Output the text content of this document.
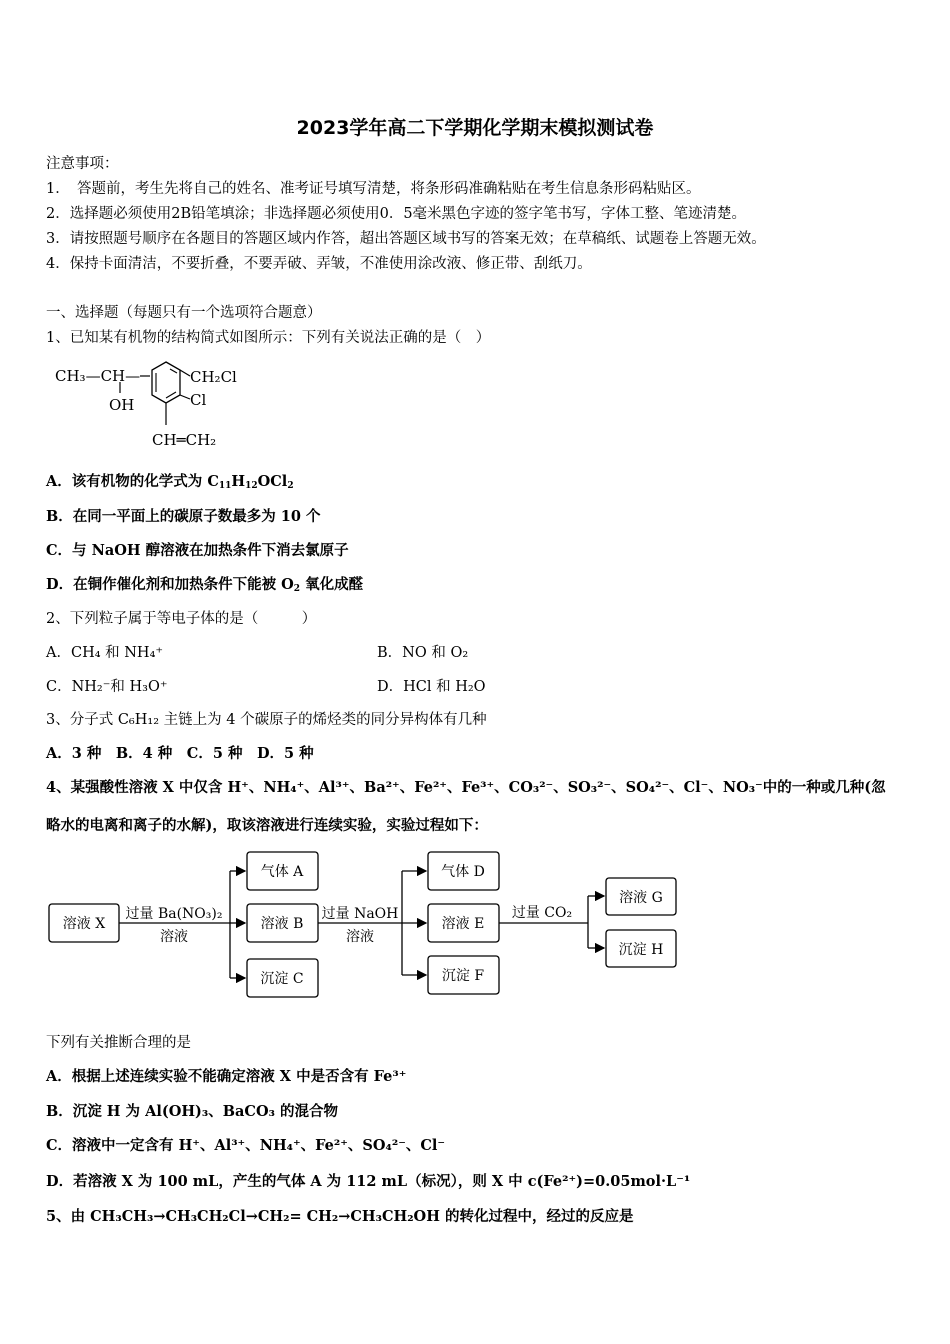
2023学年高二下学期化学期末模拟测试卷
注意事项：
1．　答题前，考生先将自己的姓名、准考证号填写清楚，将条形码准确粘贴在考生信息条形码粘贴区。
2．选择题必须使用2B铅笔填涂；非选择题必须使用0．5毫米黑色字迹的签字笔书写，字体工整、笔迹清楚。
3．请按照题号顺序在各题目的答题区域内作答，超出答题区域书写的答案无效；在草稿纸、试题卷上答题无效。
4．保持卡面清洁，不要折叠，不要弄破、弄皱，不准使用涂改液、修正带、刮纸刀。
一、选择题（每题只有一个选项符合题意）
1、已知某有机物的结构简式如图所示：下列有关说法正确的是（　）
CH₃—CH—
OH
CH₂Cl
Cl
CH═CH₂
A．该有机物的化学式为 $C_{11}H_{12}OCl_2$
B．在同一平面上的碳原子数最多为 10 个
C．与 NaOH 醇溶液在加热条件下消去氯原子
D．在铜作催化剂和加热条件下能被 $O_2$ 氧化成醛
2、下列粒子属于等电子体的是（　　　）
A．CH₄ 和 NH₄⁺	B．NO 和 O₂
C．NH₂⁻和 H₃O⁺	D．HCl 和 H₂O
3、分子式 C₆H₁₂ 主链上为 4 个碳原子的烯烃类的同分异构体有几种
A．3 种　B．4 种　C．5 种　D．5 种
4、某强酸性溶液 X 中仅含 H⁺、NH₄⁺、Al³⁺、Ba²⁺、Fe²⁺、Fe³⁺、CO₃²⁻、SO₃²⁻、SO₄²⁻、Cl⁻、NO₃⁻中的一种或几种(忽
略水的电离和离子的水解)，取该溶液进行连续实验，实验过程如下：
溶液 X
过量 Ba(NO₃)₂
溶液
气体 A
溶液 B
沉淀 C
过量 NaOH
溶液
气体 D
溶液 E
沉淀 F
过量 CO₂
溶液 G
沉淀 H
下列有关推断合理的是
A．根据上述连续实验不能确定溶液 X 中是否含有 Fe³⁺
B．沉淀 H 为 Al(OH)₃、BaCO₃ 的混合物
C．溶液中一定含有 H⁺、Al³⁺、NH₄⁺、Fe²⁺、SO₄²⁻、Cl⁻
D．若溶液 X 为 100 mL，产生的气体 A 为 112 mL（标况），则 X 中 c(Fe²⁺)=0.05mol·L⁻¹
5、由 CH₃CH₃→CH₃CH₂Cl→CH₂= CH₂→CH₃CH₂OH 的转化过程中，经过的反应是
